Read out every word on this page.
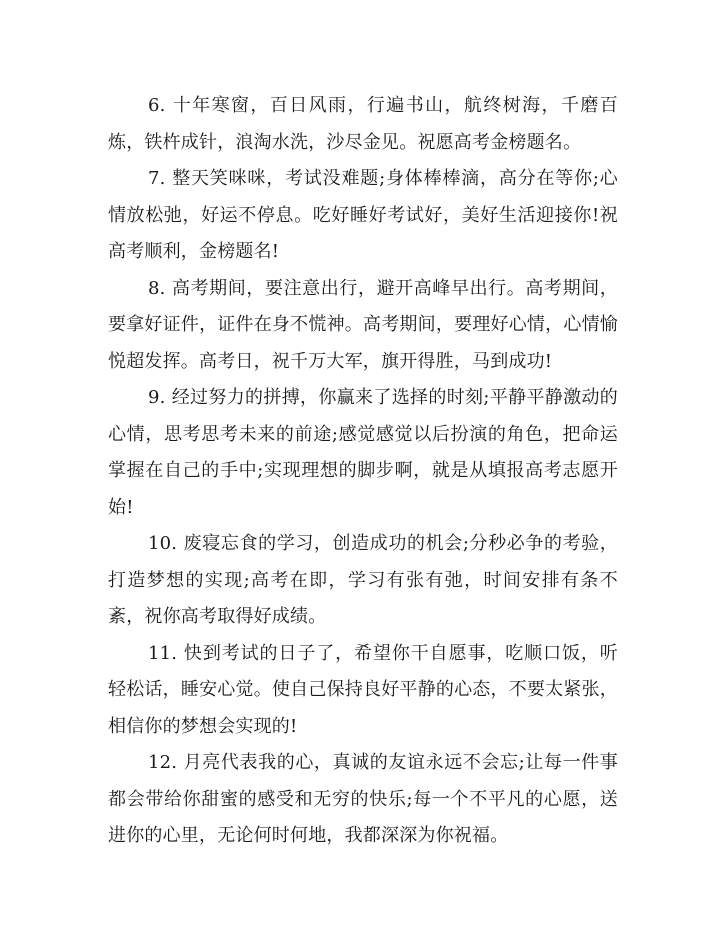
6. 十年寒窗，百日风雨，行遍书山，航终树海，千磨百炼，铁杵成针，浪淘水洗，沙尽金见。祝愿高考金榜题名。

7. 整天笑咪咪，考试没难题;身体棒棒滴，高分在等你;心情放松弛，好运不停息。吃好睡好考试好，美好生活迎接你!祝高考顺利，金榜题名!

8. 高考期间，要注意出行，避开高峰早出行。高考期间，要拿好证件，证件在身不慌神。高考期间，要理好心情，心情愉悦超发挥。高考日，祝千万大军，旗开得胜，马到成功!

9. 经过努力的拼搏，你赢来了选择的时刻;平静平静激动的心情，思考思考未来的前途;感觉感觉以后扮演的角色，把命运掌握在自己的手中;实现理想的脚步啊，就是从填报高考志愿开始!

10. 废寝忘食的学习，创造成功的机会;分秒必争的考验，打造梦想的实现;高考在即，学习有张有弛，时间安排有条不紊，祝你高考取得好成绩。

11. 快到考试的日子了，希望你干自愿事，吃顺口饭，听轻松话，睡安心觉。使自己保持良好平静的心态，不要太紧张，相信你的梦想会实现的!

12. 月亮代表我的心，真诚的友谊永远不会忘;让每一件事都会带给你甜蜜的感受和无穷的快乐;每一个不平凡的心愿，送进你的心里，无论何时何地，我都深深为你祝福。
